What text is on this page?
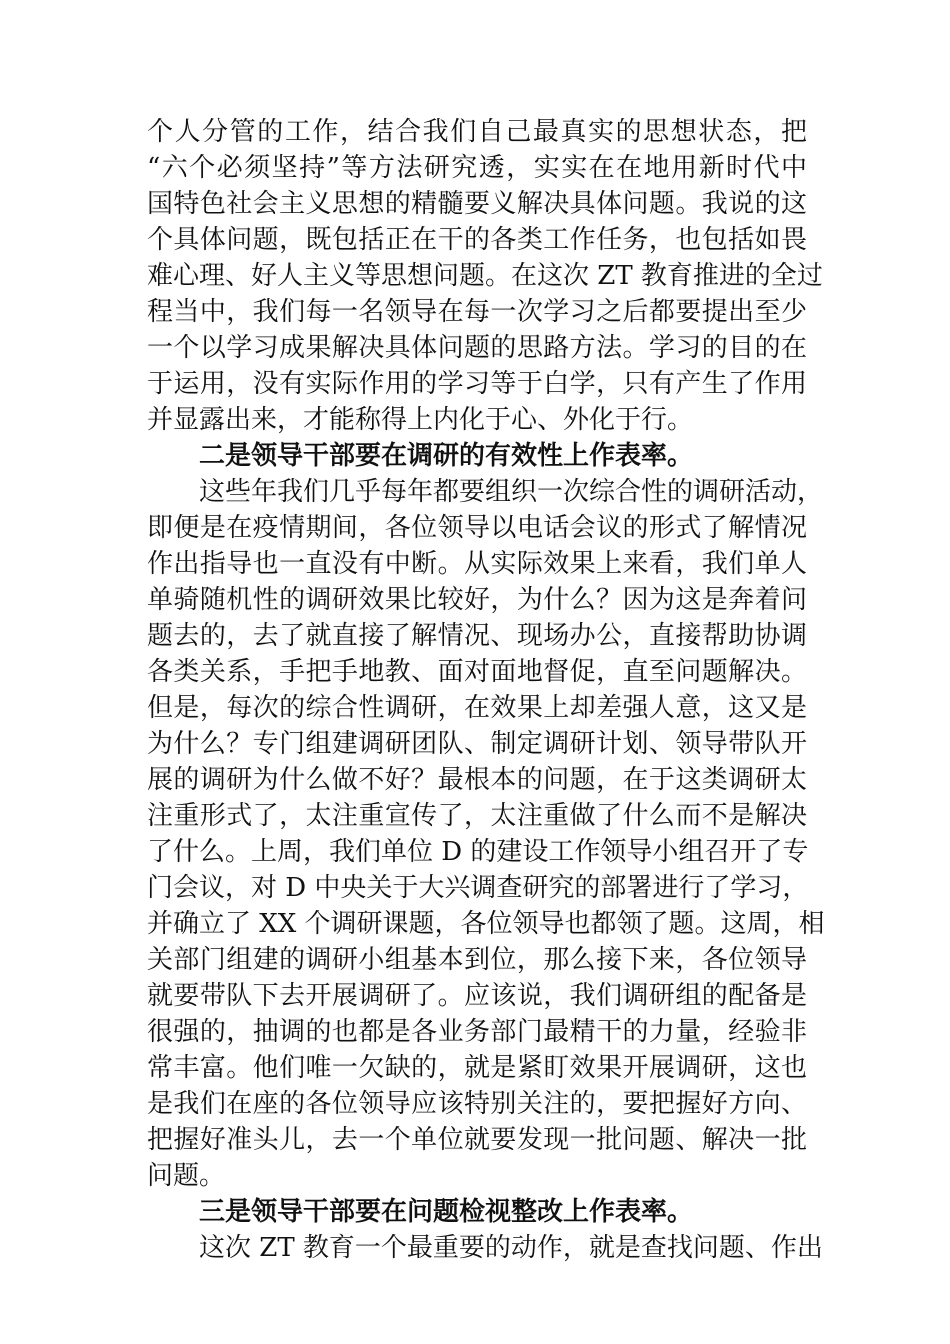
个人分管的工作，结合我们自己最真实的思想状态，把
“六个必须坚持”等方法研究透，实实在在地用新时代中
国特色社会主义思想的精髓要义解决具体问题。我说的这
个具体问题，既包括正在干的各类工作任务，也包括如畏
难心理、好人主义等思想问题。在这次 ZT 教育推进的全过
程当中，我们每一名领导在每一次学习之后都要提出至少
一个以学习成果解决具体问题的思路方法。学习的目的在
于运用，没有实际作用的学习等于白学，只有产生了作用
并显露出来，才能称得上内化于心、外化于行。
二是领导干部要在调研的有效性上作表率。
这些年我们几乎每年都要组织一次综合性的调研活动，
即便是在疫情期间，各位领导以电话会议的形式了解情况
作出指导也一直没有中断。从实际效果上来看，我们单人
单骑随机性的调研效果比较好，为什么？因为这是奔着问
题去的，去了就直接了解情况、现场办公，直接帮助协调
各类关系，手把手地教、面对面地督促，直至问题解决。
但是，每次的综合性调研，在效果上却差强人意，这又是
为什么？专门组建调研团队、制定调研计划、领导带队开
展的调研为什么做不好？最根本的问题，在于这类调研太
注重形式了，太注重宣传了，太注重做了什么而不是解决
了什么。上周，我们单位 D 的建设工作领导小组召开了专
门会议，对 D 中央关于大兴调查研究的部署进行了学习，
并确立了 XX 个调研课题，各位领导也都领了题。这周，相
关部门组建的调研小组基本到位，那么接下来，各位领导
就要带队下去开展调研了。应该说，我们调研组的配备是
很强的，抽调的也都是各业务部门最精干的力量，经验非
常丰富。他们唯一欠缺的，就是紧盯效果开展调研，这也
是我们在座的各位领导应该特别关注的，要把握好方向、
把握好准头儿，去一个单位就要发现一批问题、解决一批
问题。
三是领导干部要在问题检视整改上作表率。
这次 ZT 教育一个最重要的动作，就是查找问题、作出
